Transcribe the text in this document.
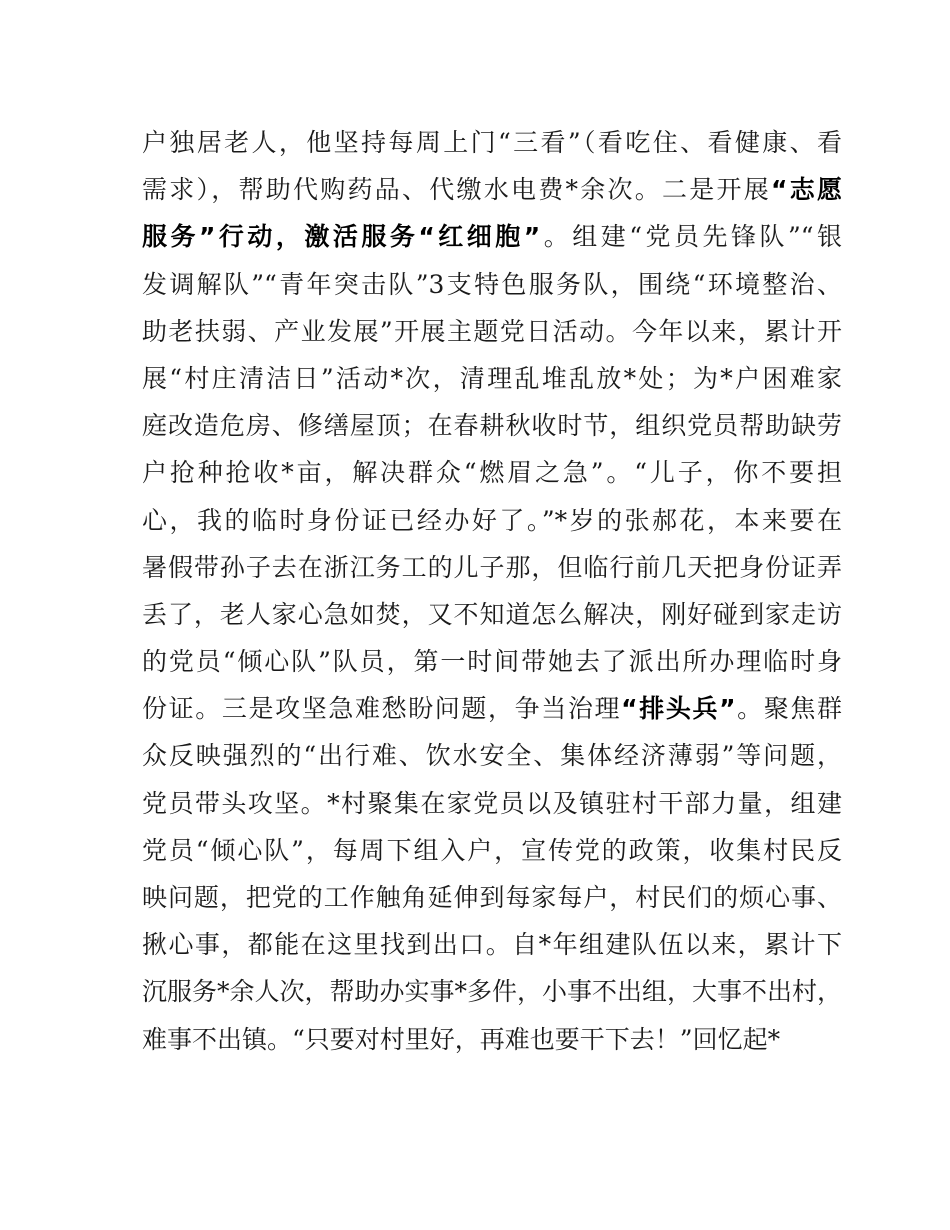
户独居老人，他坚持每周上门“三看”（看吃住、看健康、看
需求），帮助代购药品、代缴水电费*余次。二是开展“志愿
服务”行动，激活服务“红细胞”。组建“党员先锋队”“银
发调解队”“青年突击队”3支特色服务队，围绕“环境整治、
助老扶弱、产业发展”开展主题党日活动。今年以来，累计开
展“村庄清洁日”活动*次，清理乱堆乱放*处；为*户困难家
庭改造危房、修缮屋顶；在春耕秋收时节，组织党员帮助缺劳
户抢种抢收*亩，解决群众“燃眉之急”。“儿子，你不要担
心，我的临时身份证已经办好了。”*岁的张郝花，本来要在
暑假带孙子去在浙江务工的儿子那，但临行前几天把身份证弄
丢了，老人家心急如焚，又不知道怎么解决，刚好碰到家走访
的党员“倾心队”队员，第一时间带她去了派出所办理临时身
份证。三是攻坚急难愁盼问题，争当治理“排头兵”。聚焦群
众反映强烈的“出行难、饮水安全、集体经济薄弱”等问题，
党员带头攻坚。*村聚集在家党员以及镇驻村干部力量，组建
党员“倾心队”，每周下组入户，宣传党的政策，收集村民反
映问题，把党的工作触角延伸到每家每户，村民们的烦心事、
揪心事，都能在这里找到出口。自*年组建队伍以来，累计下
沉服务*余人次，帮助办实事*多件，小事不出组，大事不出村，
难事不出镇。“只要对村里好，再难也要干下去！”回忆起*
